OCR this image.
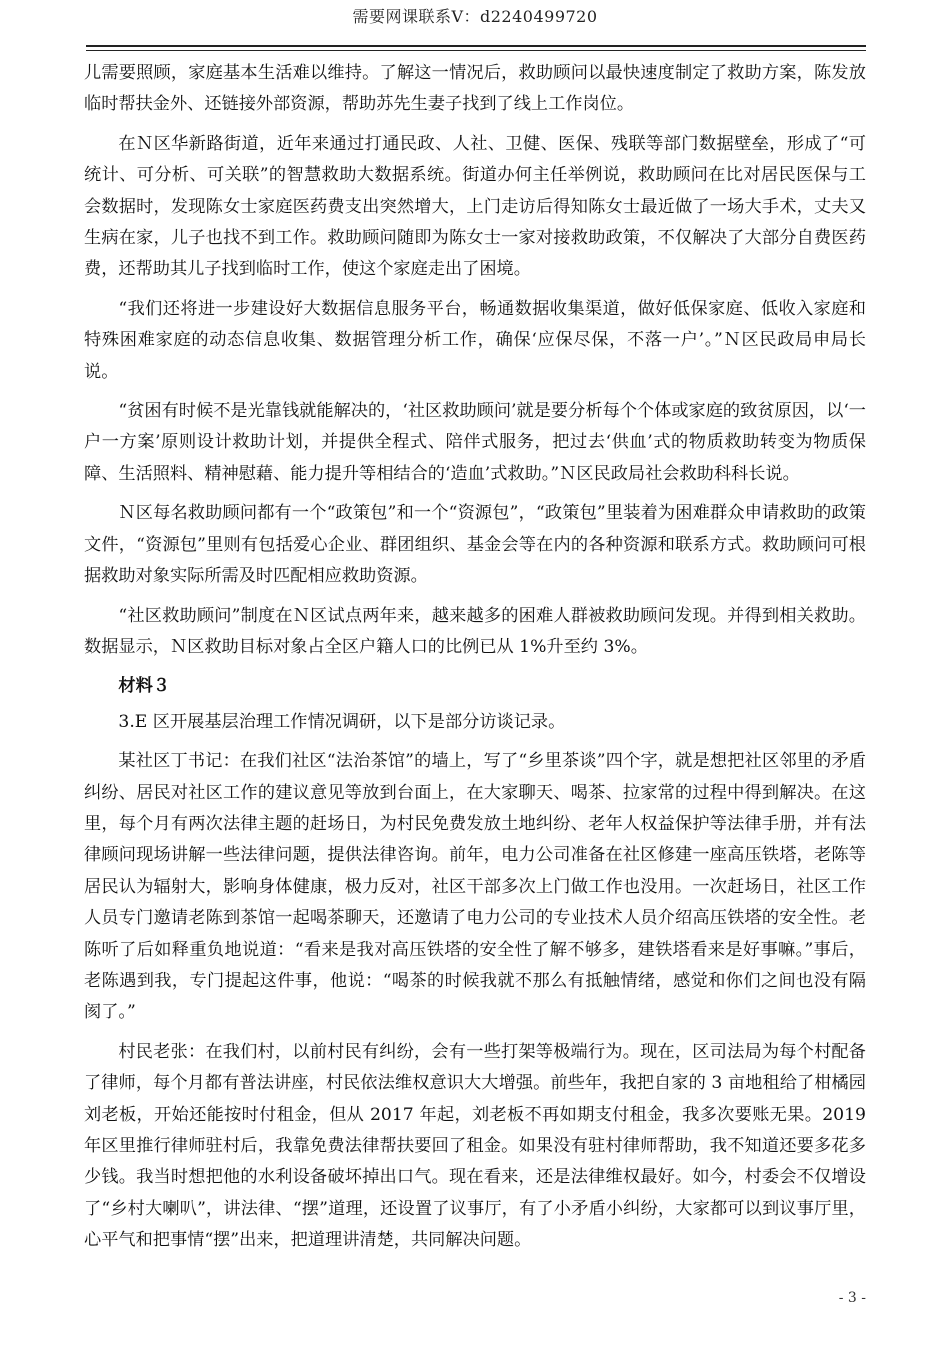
需要网课联系V：d2240499720

儿需要照顾，家庭基本生活难以维持。了解这一情况后，救助顾问以最快速度制定了救助方案，陈发放临时帮扶金外、还链接外部资源，帮助苏先生妻子找到了线上工作岗位。

在Ｎ区华新路街道，近年来通过打通民政、人社、卫健、医保、残联等部门数据壁垒，形成了“可统计、可分析、可关联”的智慧救助大数据系统。街道办何主任举例说，救助顾问在比对居民医保与工会数据时，发现陈女士家庭医药费支出突然增大，上门走访后得知陈女士最近做了一场大手术，丈夫又生病在家，儿子也找不到工作。救助顾问随即为陈女士一家对接救助政策，不仅解决了大部分自费医药费，还帮助其儿子找到临时工作，使这个家庭走出了困境。

“我们还将进一步建设好大数据信息服务平台，畅通数据收集渠道，做好低保家庭、低收入家庭和特殊困难家庭的动态信息收集、数据管理分析工作，确保‘应保尽保，不落一户’。”Ｎ区民政局申局长说。

“贫困有时候不是光靠钱就能解决的，‘社区救助顾问’就是要分析每个个体或家庭的致贫原因，以‘一户一方案’原则设计救助计划，并提供全程式、陪伴式服务，把过去‘供血’式的物质救助转变为物质保障、生活照料、精神慰藉、能力提升等相结合的‘造血’式救助。”Ｎ区民政局社会救助科科长说。

Ｎ区每名救助顾问都有一个“政策包”和一个“资源包”，“政策包”里装着为困难群众申请救助的政策文件，“资源包”里则有包括爱心企业、群团组织、基金会等在内的各种资源和联系方式。救助顾问可根据救助对象实际所需及时匹配相应救助资源。

“社区救助顾问”制度在Ｎ区试点两年来，越来越多的困难人群被救助顾问发现。并得到相关救助。数据显示，Ｎ区救助目标对象占全区户籍人口的比例已从 1%升至约 3%。

材料３

3.E 区开展基层治理工作情况调研，以下是部分访谈记录。

某社区丁书记：在我们社区“法治茶馆”的墙上，写了“乡里茶谈”四个字，就是想把社区邻里的矛盾纠纷、居民对社区工作的建议意见等放到台面上，在大家聊天、喝茶、拉家常的过程中得到解决。在这里，每个月有两次法律主题的赶场日，为村民免费发放土地纠纷、老年人权益保护等法律手册，并有法律顾问现场讲解一些法律问题，提供法律咨询。前年，电力公司准备在社区修建一座高压铁塔，老陈等居民认为辐射大，影响身体健康，极力反对，社区干部多次上门做工作也没用。一次赶场日，社区工作人员专门邀请老陈到茶馆一起喝茶聊天，还邀请了电力公司的专业技术人员介绍高压铁塔的安全性。老陈听了后如释重负地说道：“看来是我对高压铁塔的安全性了解不够多，建铁塔看来是好事嘛。”事后，老陈遇到我，专门提起这件事，他说：“喝茶的时候我就不那么有抵触情绪，感觉和你们之间也没有隔阂了。”

村民老张：在我们村，以前村民有纠纷，会有一些打架等极端行为。现在，区司法局为每个村配备了律师，每个月都有普法讲座，村民依法维权意识大大增强。前些年，我把自家的 3 亩地租给了柑橘园刘老板，开始还能按时付租金，但从 2017 年起，刘老板不再如期支付租金，我多次要账无果。2019 年区里推行律师驻村后，我靠免费法律帮扶要回了租金。如果没有驻村律师帮助，我不知道还要多花多少钱。我当时想把他的水利设备破坏掉出口气。现在看来，还是法律维权最好。如今，村委会不仅增设了“乡村大喇叭”，讲法律、“摆”道理，还设置了议事厅，有了小矛盾小纠纷，大家都可以到议事厅里，心平气和把事情“摆”出来，把道理讲清楚，共同解决问题。

- 3 -
